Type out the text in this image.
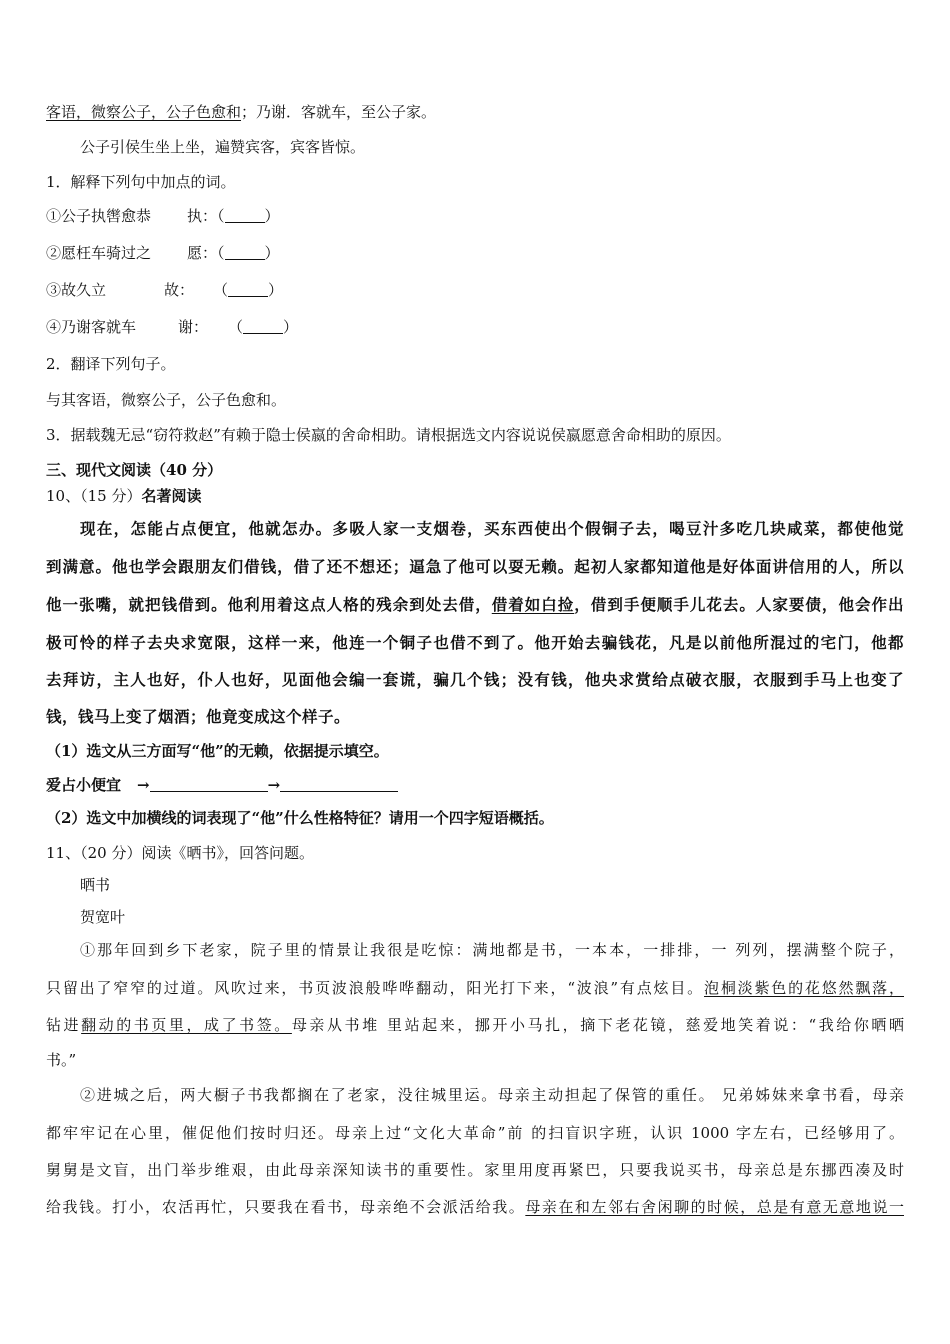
客语，微察公子，公子色愈和；乃谢．客就车，至公子家。
公子引侯生坐上坐，遍赞宾客，宾客皆惊。
1．解释下列句中加点的词。
①公子执辔愈恭 执：（	）
②愿枉车骑过之 愿：（	）
③故久立	故： （	）
④乃谢客就车	谢： （	）
2．翻译下列句子。
与其客语，微察公子，公子色愈和。
3．据载魏无忌“窃符救赵”有赖于隐士侯嬴的舍命相助。请根据选文内容说说侯嬴愿意舍命相助的原因。
三、现代文阅读（40 分）
10、（15 分）名著阅读
现在，怎能占点便宜，他就怎办。多吸人家一支烟卷，买东西使出个假铜子去，喝豆汁多吃几块咸菜，都使他觉
到满意。他也学会跟朋友们借钱，借了还不想还；逼急了他可以耍无赖。起初人家都知道他是好体面讲信用的人，所以
他一张嘴，就把钱借到。他利用着这点人格的残余到处去借，借着如白捡，借到手便顺手儿花去。人家要债，他会作出
极可怜的样子去央求宽限，这样一来，他连一个铜子也借不到了。他开始去骗钱花，凡是以前他所混过的宅门，他都
去拜访，主人也好，仆人也好，见面他会编一套谎，骗几个钱；没有钱，他央求赏给点破衣服，衣服到手马上也变了
钱，钱马上变了烟酒；他竟变成这个样子。
（1）选文从三方面写“他”的无赖，依据提示填空。
爱占小便宜 →	→
（2）选文中加横线的词表现了“他”什么性格特征？请用一个四字短语概括。
11、（20 分）阅读《晒书》，回答问题。
晒书
贺宽叶
①那年回到乡下老家，院子里的情景让我很是吃惊：满地都是书，一本本，一排排，一 列列，摆满整个院子，
只留出了窄窄的过道。风吹过来，书页波浪般哗哗翻动，阳光打下来，“波浪”有点炫目。泡桐淡紫色的花悠然飘落，
钻进翻动的书页里，成了书签。母亲从书堆 里站起来，挪开小马扎，摘下老花镜，慈爱地笑着说：“我给你晒晒
书。”
②进城之后，两大橱子书我都搁在了老家，没往城里运。母亲主动担起了保管的重任。 兄弟姊妹来拿书看，母亲
都牢牢记在心里，催促他们按时归还。母亲上过“文化大革命”前 的扫盲识字班，认识 1000 字左右，已经够用了。
舅舅是文盲，出门举步维艰，由此母亲深知读书的重要性。家里用度再紧巴，只要我说买书，母亲总是东挪西凑及时
给我钱。打小，农活再忙，只要我在看书，母亲绝不会派活给我。母亲在和左邻右舍闲聊的时候，总是有意无意地说一
